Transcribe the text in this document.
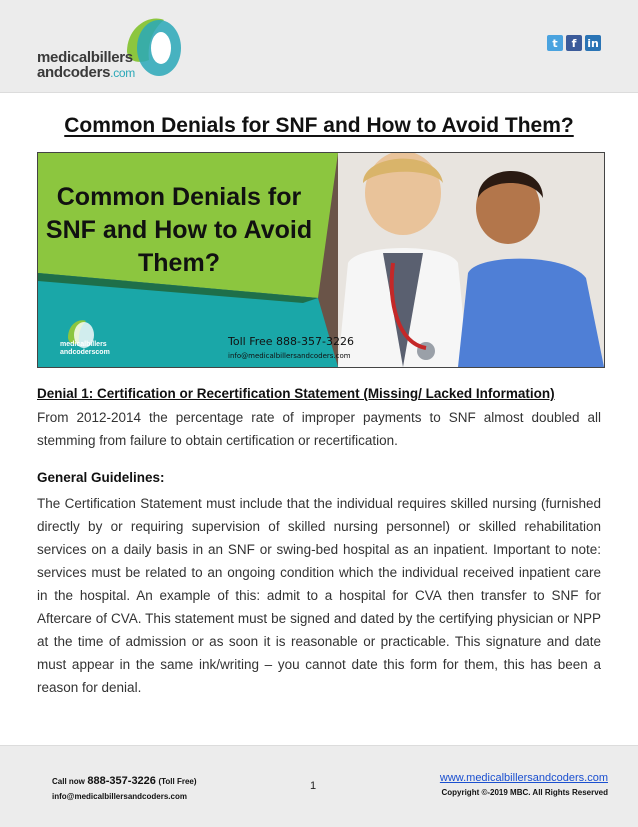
medicalbillers
andcoders.com
t	f in
Common Denials for SNF and How to Avoid Them?
Common Denials for SNF and How to Avoid Them?
medicalbillers
andcoderscom
Toll Free 888-357-3226
info@medicalbillersandcoders.com
Denial 1: Certification or Recertification Statement (Missing/ Lacked Information)

From 2012-2014 the percentage rate of improper payments to SNF almost doubled all stemming from failure to obtain certification or recertification.

General Guidelines:

The Certification Statement must include that the individual requires skilled nursing (furnished directly by or requiring supervision of skilled nursing personnel) or skilled rehabilitation services on a daily basis in an SNF or swing-bed hospital as an inpatient. Important to note: services must be related to an ongoing condition which the individual received inpatient care in the hospital. An example of this: admit to a hospital for CVA then transfer to SNF for Aftercare of CVA. This statement must be signed and dated by the certifying physician or NPP at the time of admission or as soon it is reasonable or practicable. This signature and date must appear in the same ink/writing – you cannot date this form for them, this has been a reason for denial.

Call now 888-357-3226 (Toll Free)
info@medicalbillersandcoders.com
1
www.medicalbillersandcoders.com
Copyright ©-2019 MBC. All Rights Reserved
